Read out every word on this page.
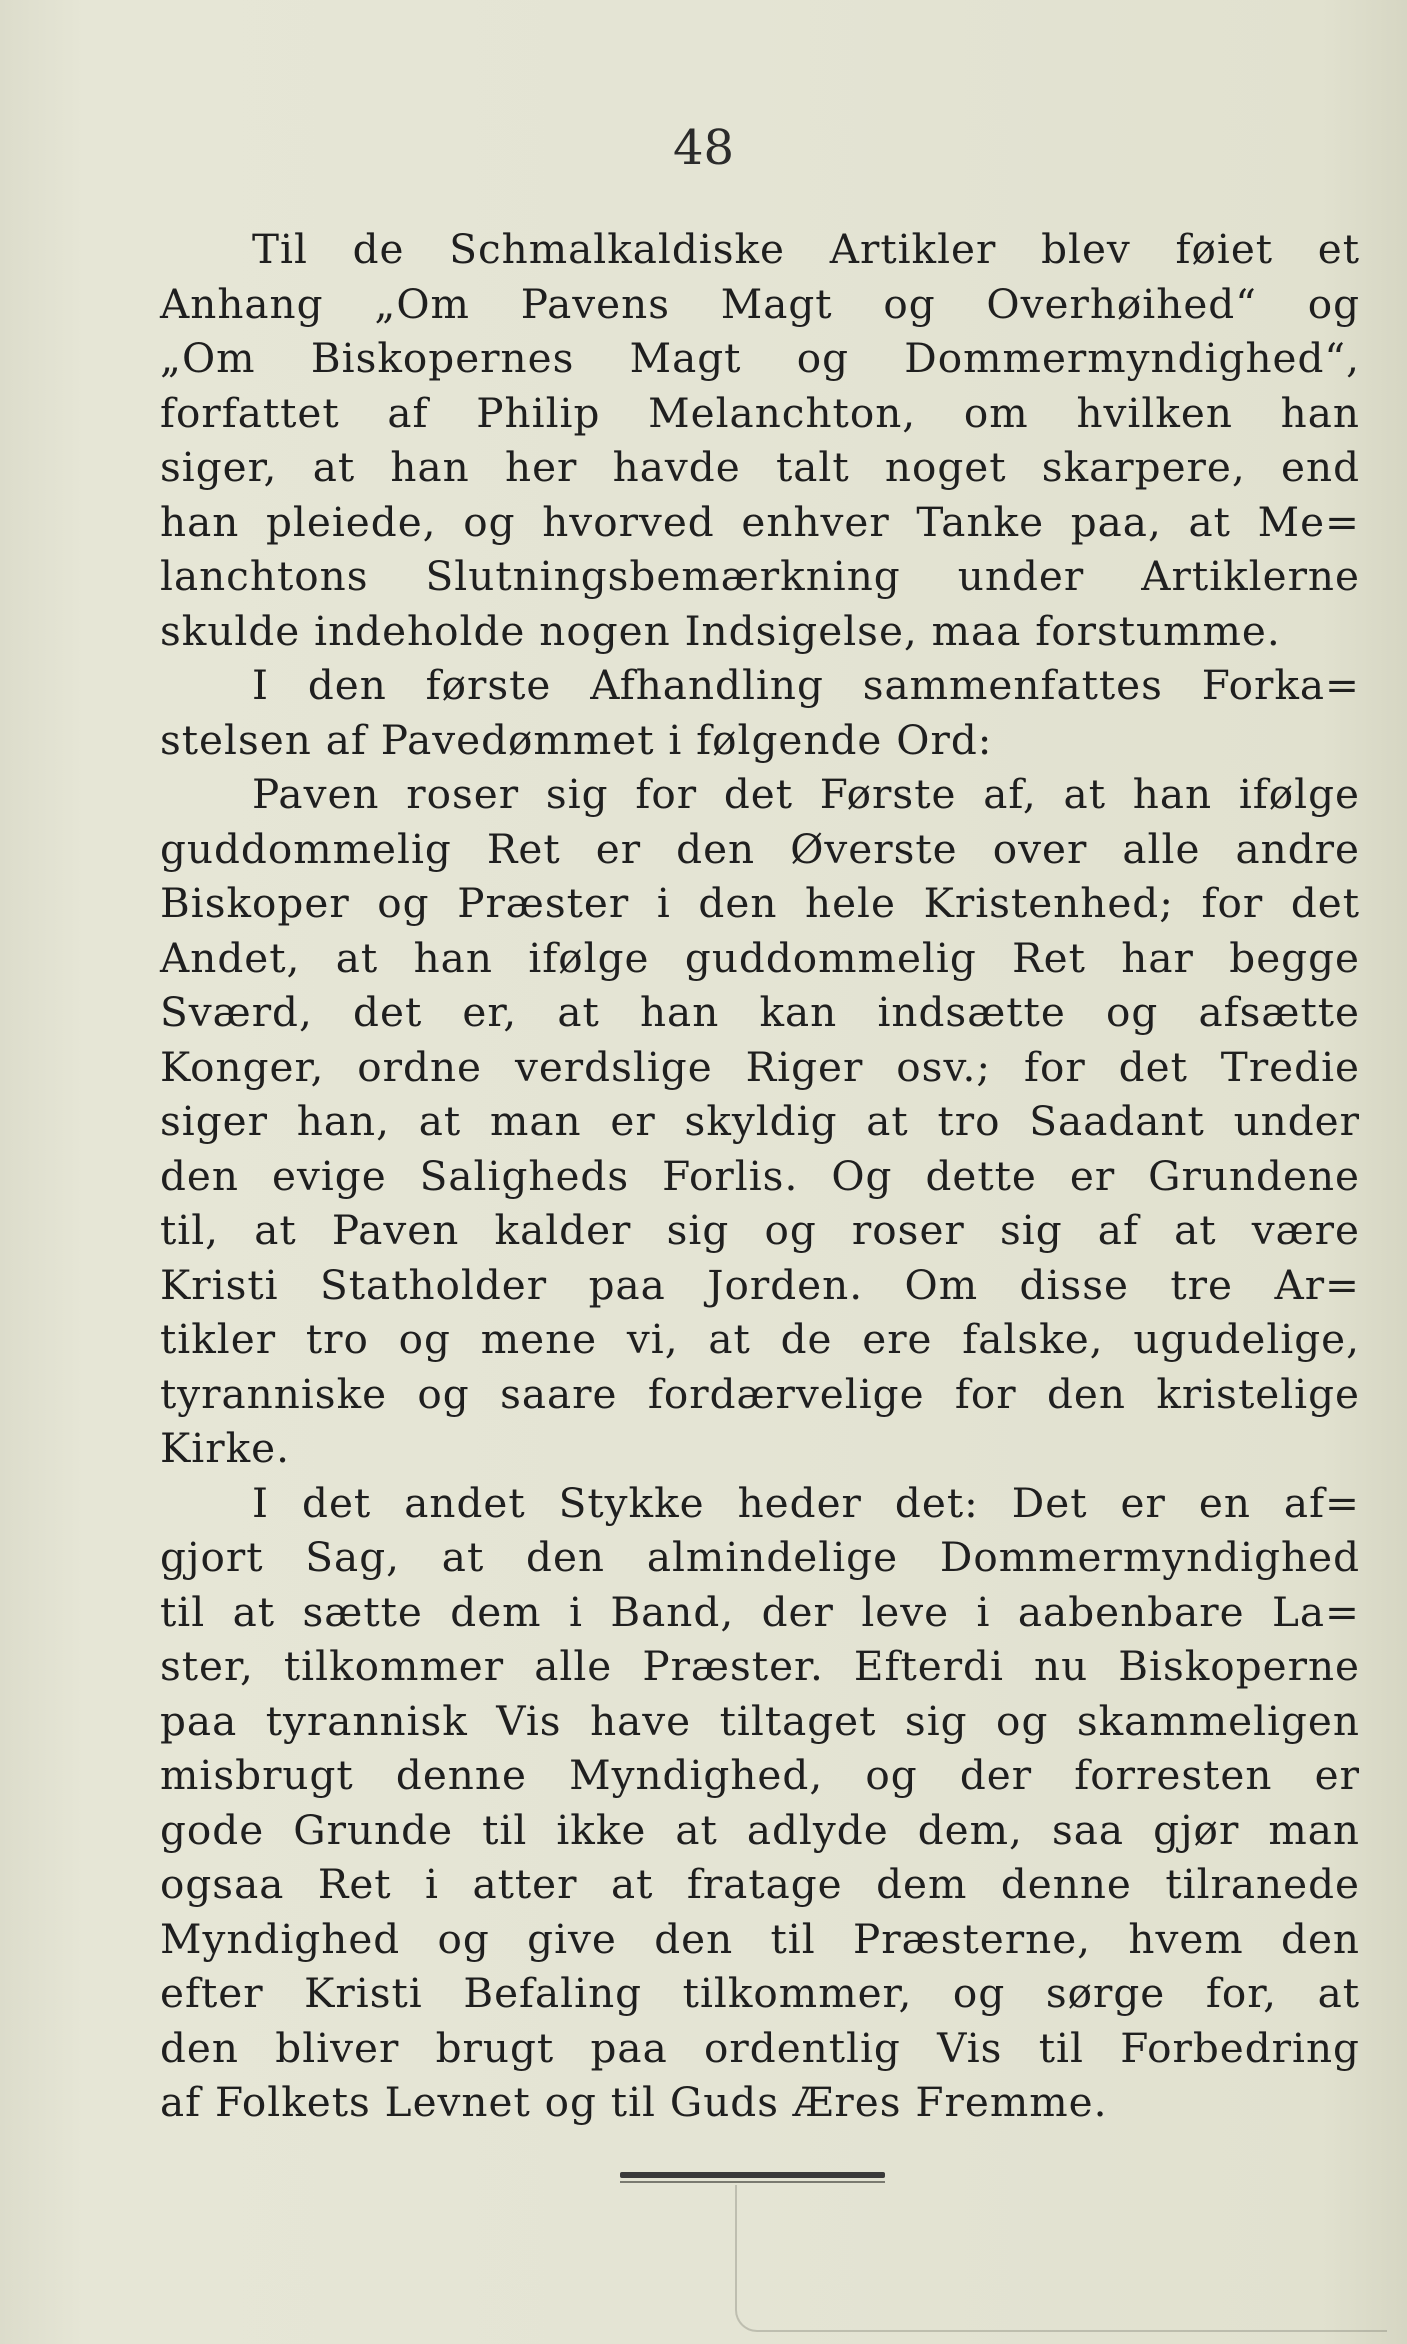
48
Til de Schmalkaldiske Artikler blev føiet et
Anhang „Om Pavens Magt og Overhøihed“ og
„Om Biskopernes Magt og Dommermyndighed“,
forfattet af Philip Melanchton, om hvilken han
siger, at han her havde talt noget skarpere, end
han pleiede, og hvorved enhver Tanke paa, at Me=
lanchtons Slutningsbemærkning under Artiklerne
skulde indeholde nogen Indsigelse, maa forstumme.
I den første Afhandling sammenfattes Forka=
stelsen af Pavedømmet i følgende Ord:
Paven roser sig for det Første af, at han ifølge
guddommelig Ret er den Øverste over alle andre
Biskoper og Præster i den hele Kristenhed; for det
Andet, at han ifølge guddommelig Ret har begge
Sværd, det er, at han kan indsætte og afsætte
Konger, ordne verdslige Riger osv.; for det Tredie
siger han, at man er skyldig at tro Saadant under
den evige Saligheds Forlis. Og dette er Grundene
til, at Paven kalder sig og roser sig af at være
Kristi Statholder paa Jorden. Om disse tre Ar=
tikler tro og mene vi, at de ere falske, ugudelige,
tyranniske og saare fordærvelige for den kristelige
Kirke.
I det andet Stykke heder det: Det er en af=
gjort Sag, at den almindelige Dommermyndighed
til at sætte dem i Band, der leve i aabenbare La=
ster, tilkommer alle Præster. Efterdi nu Biskoperne
paa tyrannisk Vis have tiltaget sig og skammeligen
misbrugt denne Myndighed, og der forresten er
gode Grunde til ikke at adlyde dem, saa gjør man
ogsaa Ret i atter at fratage dem denne tilranede
Myndighed og give den til Præsterne, hvem den
efter Kristi Befaling tilkommer, og sørge for, at
den bliver brugt paa ordentlig Vis til Forbedring
af Folkets Levnet og til Guds Æres Fremme.
